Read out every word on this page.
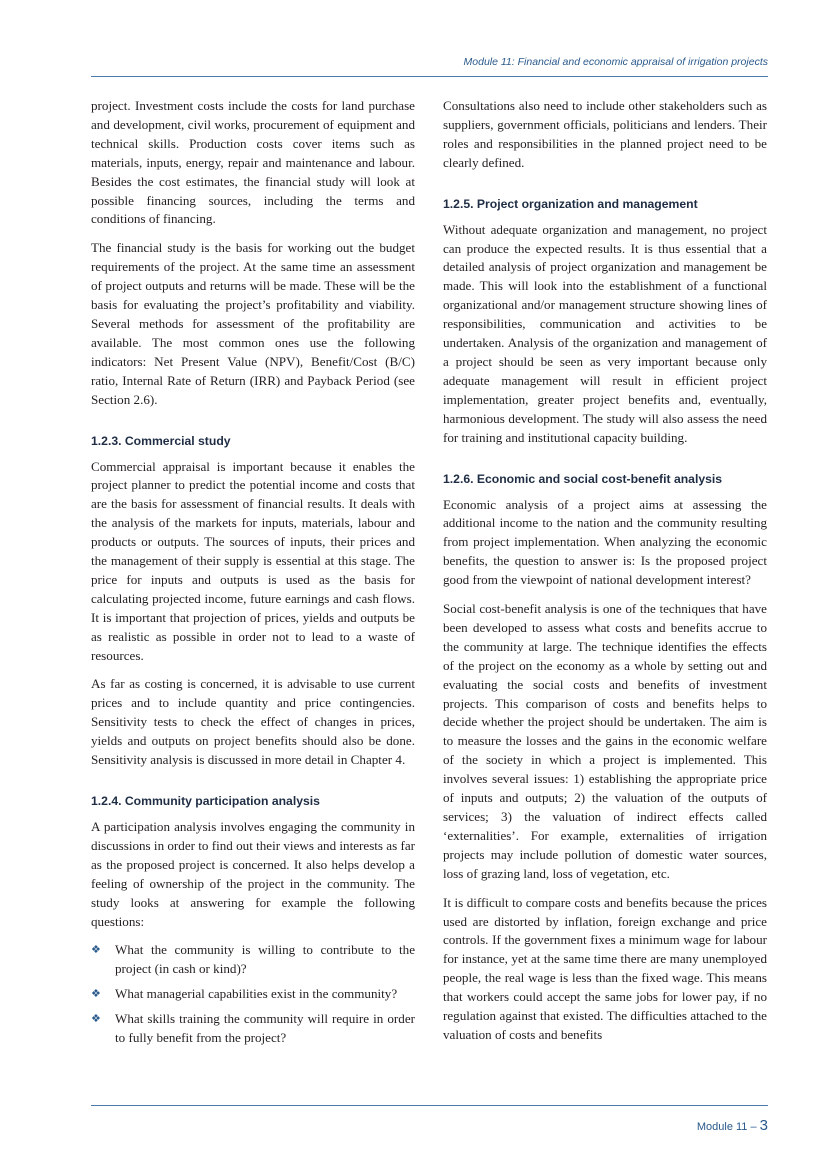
Module 11: Financial and economic appraisal of irrigation projects

project. Investment costs include the costs for land purchase and development, civil works, procurement of equipment and technical skills. Production costs cover items such as materials, inputs, energy, repair and maintenance and labour. Besides the cost estimates, the financial study will look at possible financing sources, including the terms and conditions of financing.

The financial study is the basis for working out the budget requirements of the project. At the same time an assessment of project outputs and returns will be made. These will be the basis for evaluating the project’s profitability and viability. Several methods for assessment of the profitability are available. The most common ones use the following indicators: Net Present Value (NPV), Benefit/Cost (B/C) ratio, Internal Rate of Return (IRR) and Payback Period (see Section 2.6).

1.2.3. Commercial study

Commercial appraisal is important because it enables the project planner to predict the potential income and costs that are the basis for assessment of financial results. It deals with the analysis of the markets for inputs, materials, labour and products or outputs. The sources of inputs, their prices and the management of their supply is essential at this stage. The price for inputs and outputs is used as the basis for calculating projected income, future earnings and cash flows. It is important that projection of prices, yields and outputs be as realistic as possible in order not to lead to a waste of resources.

As far as costing is concerned, it is advisable to use current prices and to include quantity and price contingencies. Sensitivity tests to check the effect of changes in prices, yields and outputs on project benefits should also be done. Sensitivity analysis is discussed in more detail in Chapter 4.

1.2.4. Community participation analysis

A participation analysis involves engaging the community in discussions in order to find out their views and interests as far as the proposed project is concerned. It also helps develop a feeling of ownership of the project in the community. The study looks at answering for example the following questions:

❖ What the community is willing to contribute to the project (in cash or kind)?
❖ What managerial capabilities exist in the community?
❖ What skills training the community will require in order to fully benefit from the project?

Consultations also need to include other stakeholders such as suppliers, government officials, politicians and lenders. Their roles and responsibilities in the planned project need to be clearly defined.

1.2.5. Project organization and management

Without adequate organization and management, no project can produce the expected results. It is thus essential that a detailed analysis of project organization and management be made. This will look into the establishment of a functional organizational and/or management structure showing lines of responsibilities, communication and activities to be undertaken. Analysis of the organization and management of a project should be seen as very important because only adequate management will result in efficient project implementation, greater project benefits and, eventually, harmonious development. The study will also assess the need for training and institutional capacity building.

1.2.6. Economic and social cost-benefit analysis

Economic analysis of a project aims at assessing the additional income to the nation and the community resulting from project implementation. When analyzing the economic benefits, the question to answer is: Is the proposed project good from the viewpoint of national development interest?

Social cost-benefit analysis is one of the techniques that have been developed to assess what costs and benefits accrue to the community at large. The technique identifies the effects of the project on the economy as a whole by setting out and evaluating the social costs and benefits of investment projects. This comparison of costs and benefits helps to decide whether the project should be undertaken. The aim is to measure the losses and the gains in the economic welfare of the society in which a project is implemented. This involves several issues: 1) establishing the appropriate price of inputs and outputs; 2) the valuation of the outputs of services; 3) the valuation of indirect effects called ‘externalities’. For example, externalities of irrigation projects may include pollution of domestic water sources, loss of grazing land, loss of vegetation, etc.

It is difficult to compare costs and benefits because the prices used are distorted by inflation, foreign exchange and price controls. If the government fixes a minimum wage for labour for instance, yet at the same time there are many unemployed people, the real wage is less than the fixed wage. This means that workers could accept the same jobs for lower pay, if no regulation against that existed. The difficulties attached to the valuation of costs and benefits

Module 11 – 3
